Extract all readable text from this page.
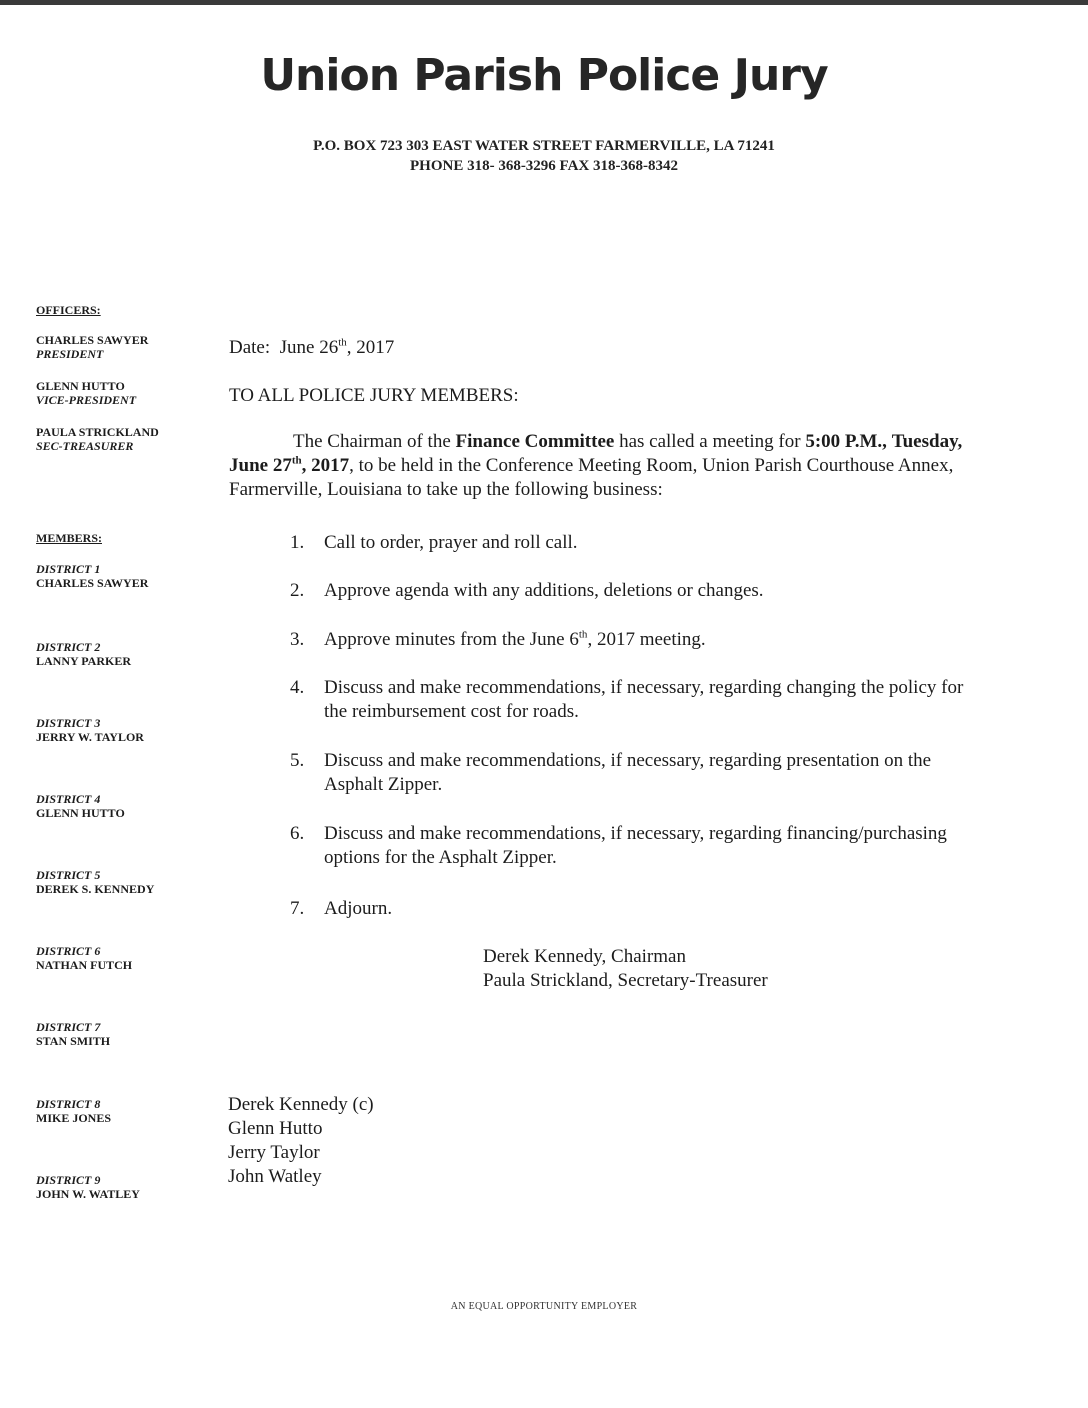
Union Parish Police Jury
P.O. BOX 723 303 EAST WATER STREET FARMERVILLE, LA 71241
PHONE 318- 368-3296 FAX 318-368-8342
OFFICERS:
CHARLES SAWYER
PRESIDENT
GLENN HUTTO
VICE-PRESIDENT
PAULA STRICKLAND
SEC-TREASURER
MEMBERS:
DISTRICT 1
CHARLES SAWYER
DISTRICT 2
LANNY PARKER
DISTRICT 3
JERRY W. TAYLOR
DISTRICT 4
GLENN HUTTO
DISTRICT 5
DEREK S. KENNEDY
DISTRICT 6
NATHAN FUTCH
DISTRICT 7
STAN SMITH
DISTRICT 8
MIKE JONES
DISTRICT 9
JOHN W. WATLEY
Date: June 26th, 2017
TO ALL POLICE JURY MEMBERS:
The Chairman of the Finance Committee has called a meeting for 5:00 P.M., Tuesday, June 27th, 2017, to be held in the Conference Meeting Room, Union Parish Courthouse Annex, Farmerville, Louisiana to take up the following business:
1. Call to order, prayer and roll call.
2. Approve agenda with any additions, deletions or changes.
3. Approve minutes from the June 6th, 2017 meeting.
4. Discuss and make recommendations, if necessary, regarding changing the policy for the reimbursement cost for roads.
5. Discuss and make recommendations, if necessary, regarding presentation on the Asphalt Zipper.
6. Discuss and make recommendations, if necessary, regarding financing/purchasing options for the Asphalt Zipper.
7. Adjourn.
Derek Kennedy, Chairman
Paula Strickland, Secretary-Treasurer
Derek Kennedy (c)
Glenn Hutto
Jerry Taylor
John Watley
AN EQUAL OPPORTUNITY EMPLOYER
